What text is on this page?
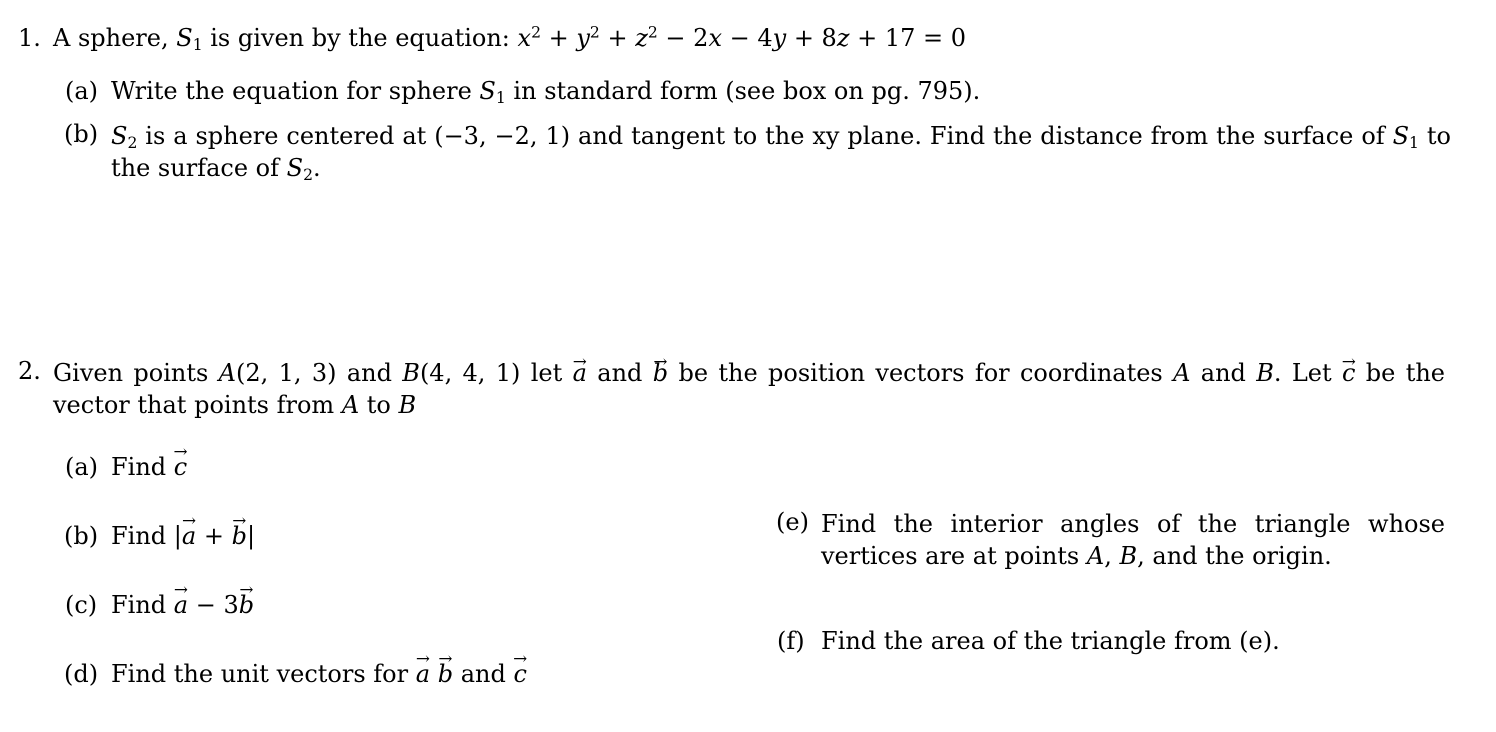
1. A sphere, $S_1$ is given by the equation: $x^2 + y^2 + z^2 - 2x - 4y + 8z + 17 = 0$
(a) Write the equation for sphere $S_1$ in standard form (see box on pg. 795).
(b) $S_2$ is a sphere centered at (−3, −2, 1) and tangent to the xy plane. Find the distance from the surface of $S_1$ to the surface of $S_2$.
2. Given points A(2, 1, 3) and B(4, 4, 1) let → a and → b be the position vectors for coordinates A and B. Let → c be the vector that points from A to B
(a) Find → c
(b) Find |→ a + → b|
(c) Find → a − 3→ b
(d) Find the unit vectors for → a → b and → c
(e) Find the interior angles of the triangle whose vertices are at points A, B, and the origin.
(f) Find the area of the triangle from (e).
